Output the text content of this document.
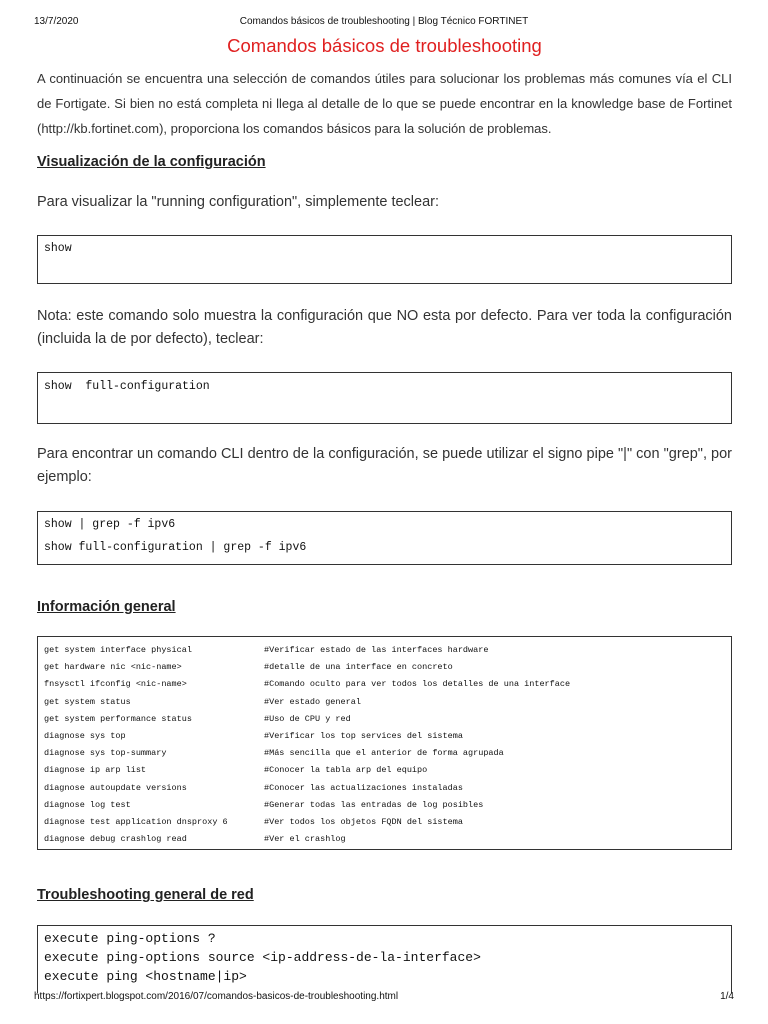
13/7/2020	Comandos básicos de troubleshooting | Blog Técnico FORTINET
Comandos básicos de troubleshooting

A continuación se encuentra una selección de comandos útiles para solucionar los problemas más comunes vía el CLI de Fortigate. Si bien no está completa ni llega al detalle de lo que se puede encontrar en la knowledge base de Fortinet (http://kb.fortinet.com), proporciona los comandos básicos para la solución de problemas.

Visualización de la configuración

Para visualizar la "running configuration", simplemente teclear:

show

Nota: este comando solo muestra la configuración que NO esta por defecto. Para ver toda la configuración (incluida la de por defecto), teclear:

show  full-configuration

Para encontrar un comando CLI dentro de la configuración, se puede utilizar el signo pipe "|" con "grep", por ejemplo:

show | grep -f ipv6
show full-configuration | grep -f ipv6
Información general
get system interface physical	#Verificar estado de las interfaces hardware
get hardware nic <nic-name>	#detalle de una interface en concreto
fnsysctl ifconfig <nic-name>	#Comando oculto para ver todos los detalles de una interface
get system status	#Ver estado general
get system performance status	#Uso de CPU y red
diagnose sys top	#Verificar los top services del sistema
diagnose sys top-summary	#Más sencilla que el anterior de forma agrupada
diagnose ip arp list	#Conocer la tabla arp del equipo
diagnose autoupdate versions	#Conocer las actualizaciones instaladas
diagnose log test	#Generar todas las entradas de log posibles
diagnose test application dnsproxy 6	#Ver todos los objetos FQDN del sistema
diagnose debug crashlog read	#Ver el crashlog
Troubleshooting general de red
execute ping-options ?
execute ping-options source <ip-address-de-la-interface>
execute ping <hostname|ip>
https://fortixpert.blogspot.com/2016/07/comandos-basicos-de-troubleshooting.html	1/4
